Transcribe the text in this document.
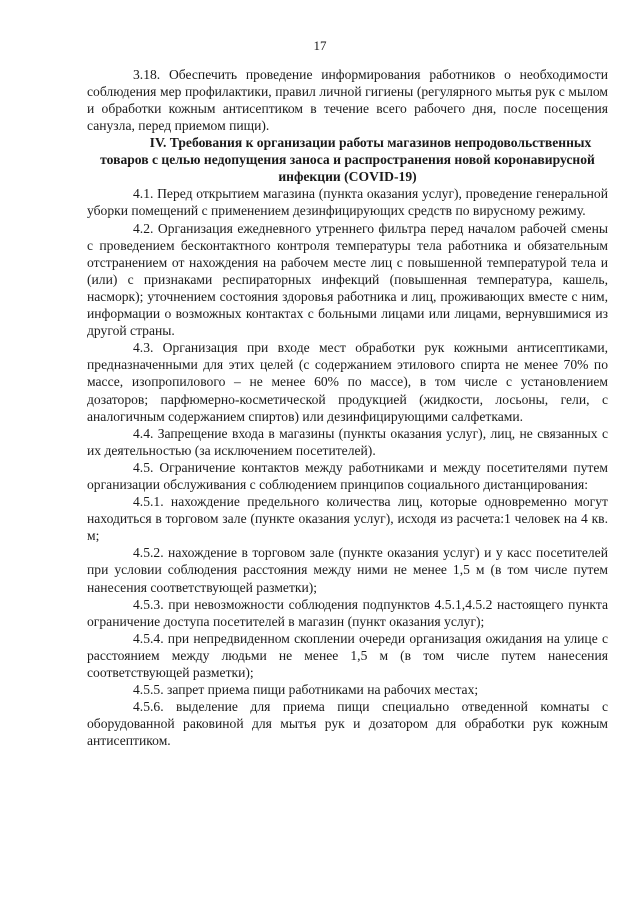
17

3.18. Обеспечить проведение информирования работников о необходимости соблюдения мер профилактики, правил личной гигиены (регулярного мытья рук с мылом и обработки кожным антисептиком в течение всего рабочего дня, после посещения санузла, перед приемом пищи).

IV. Требования к организации работы магазинов непродовольственных товаров с целью недопущения заноса и распространения новой коронавирусной инфекции (COVID-19)

4.1. Перед открытием магазина (пункта оказания услуг), проведение генеральной уборки помещений с применением дезинфицирующих средств по вирусному режиму.

4.2. Организация ежедневного утреннего фильтра перед началом рабочей смены с проведением бесконтактного контроля температуры тела работника и обязательным отстранением от нахождения на рабочем месте лиц с повышенной температурой тела и (или) с признаками респираторных инфекций (повышенная температура, кашель, насморк); уточнением состояния здоровья работника и лиц, проживающих вместе с ним, информации о возможных контактах с больными лицами или лицами, вернувшимися из другой страны.

4.3. Организация при входе мест обработки рук кожными антисептиками, предназначенными для этих целей (с содержанием этилового спирта не менее 70% по массе, изопропилового – не менее 60% по массе), в том числе с установлением дозаторов; парфюмерно-косметической продукцией (жидкости, лосьоны, гели, с аналогичным содержанием спиртов) или дезинфицирующими салфетками.

4.4. Запрещение входа в магазины (пункты оказания услуг), лиц, не связанных с их деятельностью (за исключением посетителей).

4.5. Ограничение контактов между работниками и между посетителями путем организации обслуживания с соблюдением принципов социального дистанцирования:

4.5.1. нахождение предельного количества лиц, которые одновременно могут находиться в торговом зале (пункте оказания услуг), исходя из расчета:1 человек на 4 кв. м;

4.5.2. нахождение в торговом зале (пункте оказания услуг) и у касс посетителей при условии соблюдения расстояния между ними не менее 1,5 м (в том числе путем нанесения соответствующей разметки);

4.5.3. при невозможности соблюдения подпунктов 4.5.1,4.5.2 настоящего пункта ограничение доступа посетителей в магазин (пункт оказания услуг);

4.5.4. при непредвиденном скоплении очереди организация ожидания на улице с расстоянием между людьми не менее 1,5 м (в том числе путем нанесения соответствующей разметки);

4.5.5. запрет приема пищи работниками на рабочих местах;

4.5.6. выделение для приема пищи специально отведенной комнаты с оборудованной раковиной для мытья рук и дозатором для обработки рук кожным антисептиком.
